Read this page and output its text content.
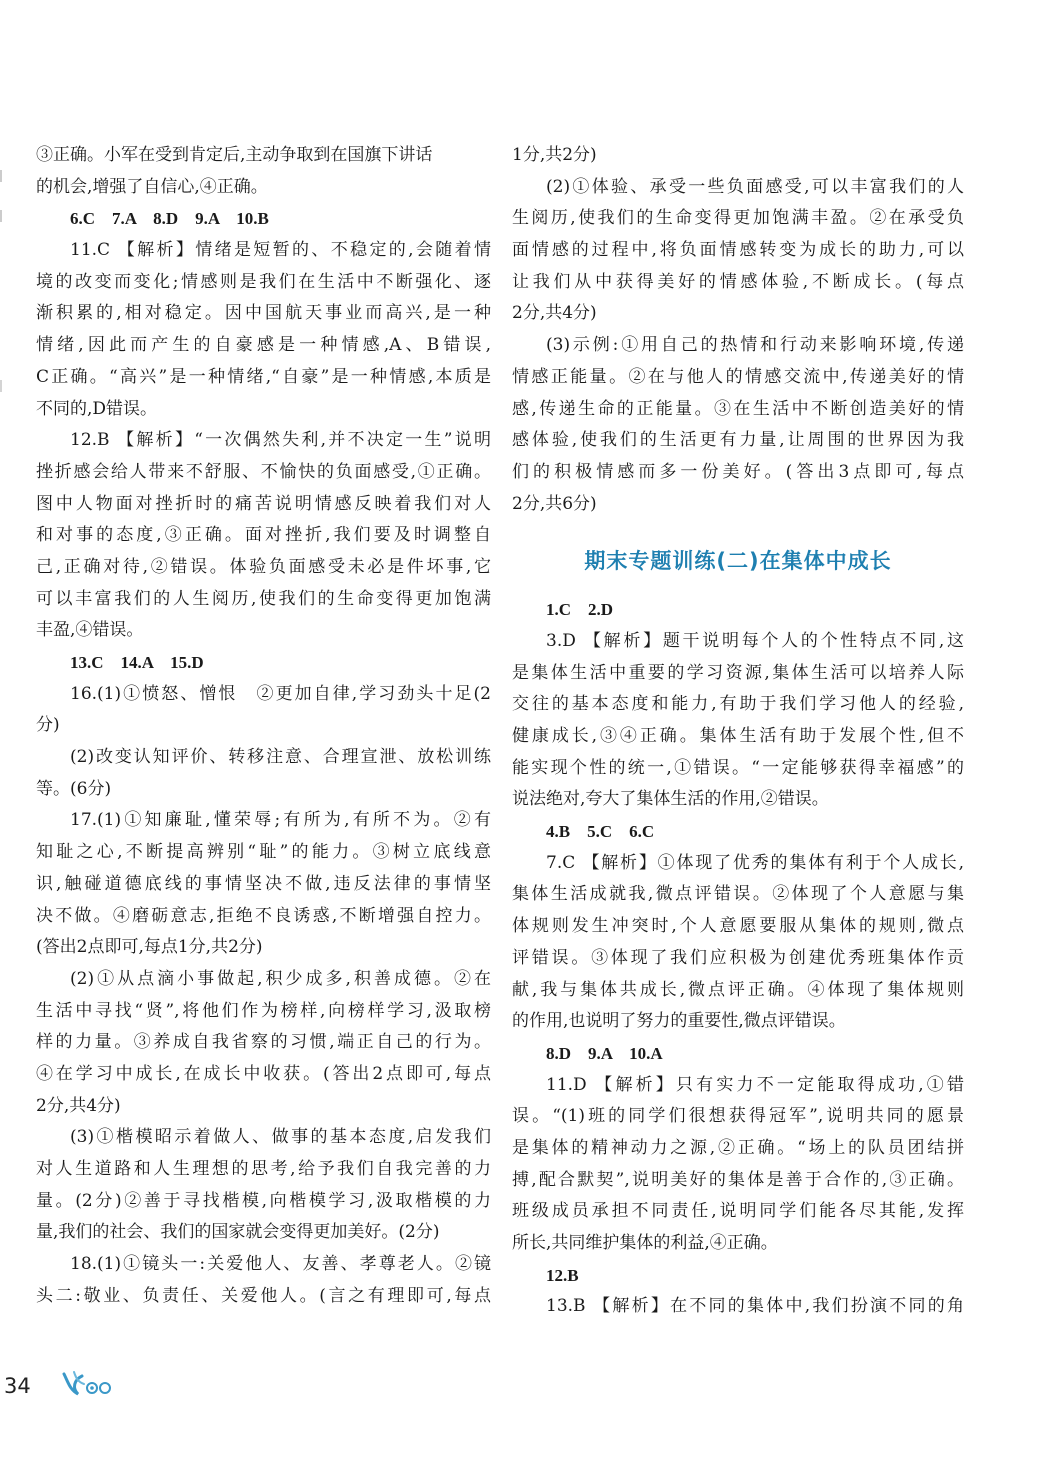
③正确。小军在受到肯定后,主动争取到在国旗下讲话
的机会,增强了自信心,④正确。
6.C　7.A　8.D　9.A　10.B
11.C 【解析】情绪是短暂的、不稳定的,会随着情
境的改变而变化;情感则是我们在生活中不断强化、逐
渐积累的,相对稳定。因中国航天事业而高兴,是一种
情绪,因此而产生的自豪感是一种情感,A、B错误,
C正确。“高兴”是一种情绪,“自豪”是一种情感,本质是
不同的,D错误。
12.B 【解析】“一次偶然失利,并不决定一生”说明
挫折感会给人带来不舒服、不愉快的负面感受,①正确。
图中人物面对挫折时的痛苦说明情感反映着我们对人
和对事的态度,③正确。面对挫折,我们要及时调整自
己,正确对待,②错误。体验负面感受未必是件坏事,它
可以丰富我们的人生阅历,使我们的生命变得更加饱满
丰盈,④错误。
13.C　14.A　15.D
16.(1)①愤怒、憎恨　②更加自律,学习劲头十足(2
分)
(2)改变认知评价、转移注意、合理宣泄、放松训练
等。(6分)
17.(1)①知廉耻,懂荣辱;有所为,有所不为。②有
知耻之心,不断提高辨别“耻”的能力。③树立底线意
识,触碰道德底线的事情坚决不做,违反法律的事情坚
决不做。④磨砺意志,拒绝不良诱惑,不断增强自控力。
(答出2点即可,每点1分,共2分)
(2)①从点滴小事做起,积少成多,积善成德。②在
生活中寻找“贤”,将他们作为榜样,向榜样学习,汲取榜
样的力量。③养成自我省察的习惯,端正自己的行为。
④在学习中成长,在成长中收获。(答出2点即可,每点
2分,共4分)
(3)①楷模昭示着做人、做事的基本态度,启发我们
对人生道路和人生理想的思考,给予我们自我完善的力
量。(2分)②善于寻找楷模,向楷模学习,汲取楷模的力
量,我们的社会、我们的国家就会变得更加美好。(2分)
18.(1)①镜头一:关爱他人、友善、孝尊老人。②镜
头二:敬业、负责任、关爱他人。(言之有理即可,每点
1分,共2分)
(2)①体验、承受一些负面感受,可以丰富我们的人
生阅历,使我们的生命变得更加饱满丰盈。②在承受负
面情感的过程中,将负面情感转变为成长的助力,可以
让我们从中获得美好的情感体验,不断成长。(每点
2分,共4分)
(3)示例:①用自己的热情和行动来影响环境,传递
情感正能量。②在与他人的情感交流中,传递美好的情
感,传递生命的正能量。③在生活中不断创造美好的情
感体验,使我们的生活更有力量,让周围的世界因为我
们的积极情感而多一份美好。(答出3点即可,每点
2分,共6分)
期末专题训练(二)在集体中成长
1.C　2.D
3.D 【解析】题干说明每个人的个性特点不同,这
是集体生活中重要的学习资源,集体生活可以培养人际
交往的基本态度和能力,有助于我们学习他人的经验,
健康成长,③④正确。集体生活有助于发展个性,但不
能实现个性的统一,①错误。“一定能够获得幸福感”的
说法绝对,夸大了集体生活的作用,②错误。
4.B　5.C　6.C
7.C 【解析】①体现了优秀的集体有利于个人成长,
集体生活成就我,微点评错误。②体现了个人意愿与集
体规则发生冲突时,个人意愿要服从集体的规则,微点
评错误。③体现了我们应积极为创建优秀班集体作贡
献,我与集体共成长,微点评正确。④体现了集体规则
的作用,也说明了努力的重要性,微点评错误。
8.D　9.A　10.A
11.D 【解析】只有实力不一定能取得成功,①错
误。“(1)班的同学们很想获得冠军”,说明共同的愿景
是集体的精神动力之源,②正确。“场上的队员团结拼
搏,配合默契”,说明美好的集体是善于合作的,③正确。
班级成员承担不同责任,说明同学们能各尽其能,发挥
所长,共同维护集体的利益,④正确。
12.B
13.B 【解析】在不同的集体中,我们扮演不同的角
34
